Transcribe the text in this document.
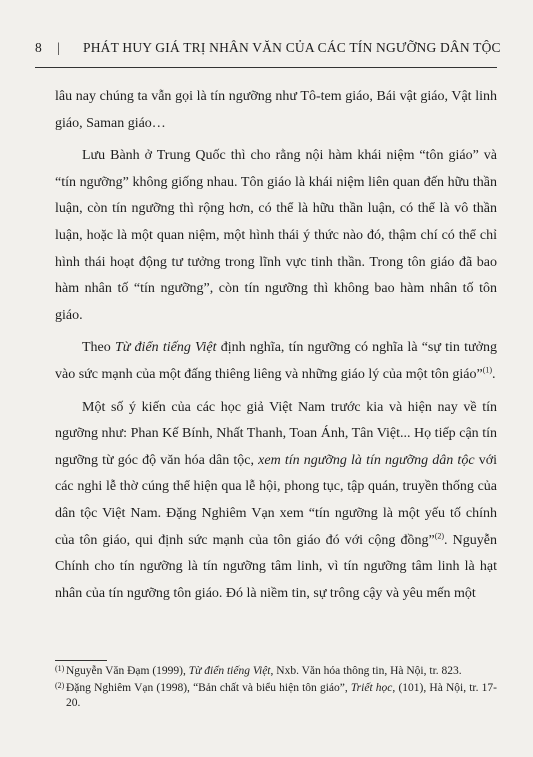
8	|	PHÁT HUY GIÁ TRỊ NHÂN VĂN CỦA CÁC TÍN NGƯỠNG DÂN TỘC

lâu nay chúng ta vẫn gọi là tín ngưỡng như Tô-tem giáo, Bái vật giáo, Vật linh giáo, Saman giáo…

Lưu Bành ở Trung Quốc thì cho rằng nội hàm khái niệm “tôn giáo” và “tín ngưỡng” không giống nhau. Tôn giáo là khái niệm liên quan đến hữu thần luận, còn tín ngưỡng thì rộng hơn, có thể là hữu thần luận, có thể là vô thần luận, hoặc là một quan niệm, một hình thái ý thức nào đó, thậm chí có thể chỉ hình thái hoạt động tư tưởng trong lĩnh vực tinh thần. Trong tôn giáo đã bao hàm nhân tố “tín ngưỡng”, còn tín ngưỡng thì không bao hàm nhân tố tôn giáo.

Theo Từ điển tiếng Việt định nghĩa, tín ngưỡng có nghĩa là “sự tin tưởng vào sức mạnh của một đấng thiêng liêng và những giáo lý của một tôn giáo”$^{(1)}$.

Một số ý kiến của các học giả Việt Nam trước kia và hiện nay về tín ngưỡng như: Phan Kế Bính, Nhất Thanh, Toan Ánh, Tân Việt... Họ tiếp cận tín ngưỡng từ góc độ văn hóa dân tộc, xem tín ngưỡng là tín ngưỡng dân tộc với các nghi lễ thờ cúng thể hiện qua lễ hội, phong tục, tập quán, truyền thống của dân tộc Việt Nam. Đặng Nghiêm Vạn xem “tín ngưỡng là một yếu tố chính của tôn giáo, qui định sức mạnh của tôn giáo đó với cộng đồng”$^{(2)}$. Nguyễn Chính cho tín ngưỡng là tín ngưỡng tâm linh, vì tín ngưỡng tâm linh là hạt nhân của tín ngưỡng tôn giáo. Đó là niềm tin, sự trông cậy và yêu mến một

(1) Nguyễn Văn Đạm (1999), Từ điển tiếng Việt, Nxb. Văn hóa thông tin, Hà Nội, tr. 823.
(2) Đặng Nghiêm Vạn (1998), “Bản chất và biểu hiện tôn giáo”, Triết học, (101), Hà Nội, tr. 17-20.
